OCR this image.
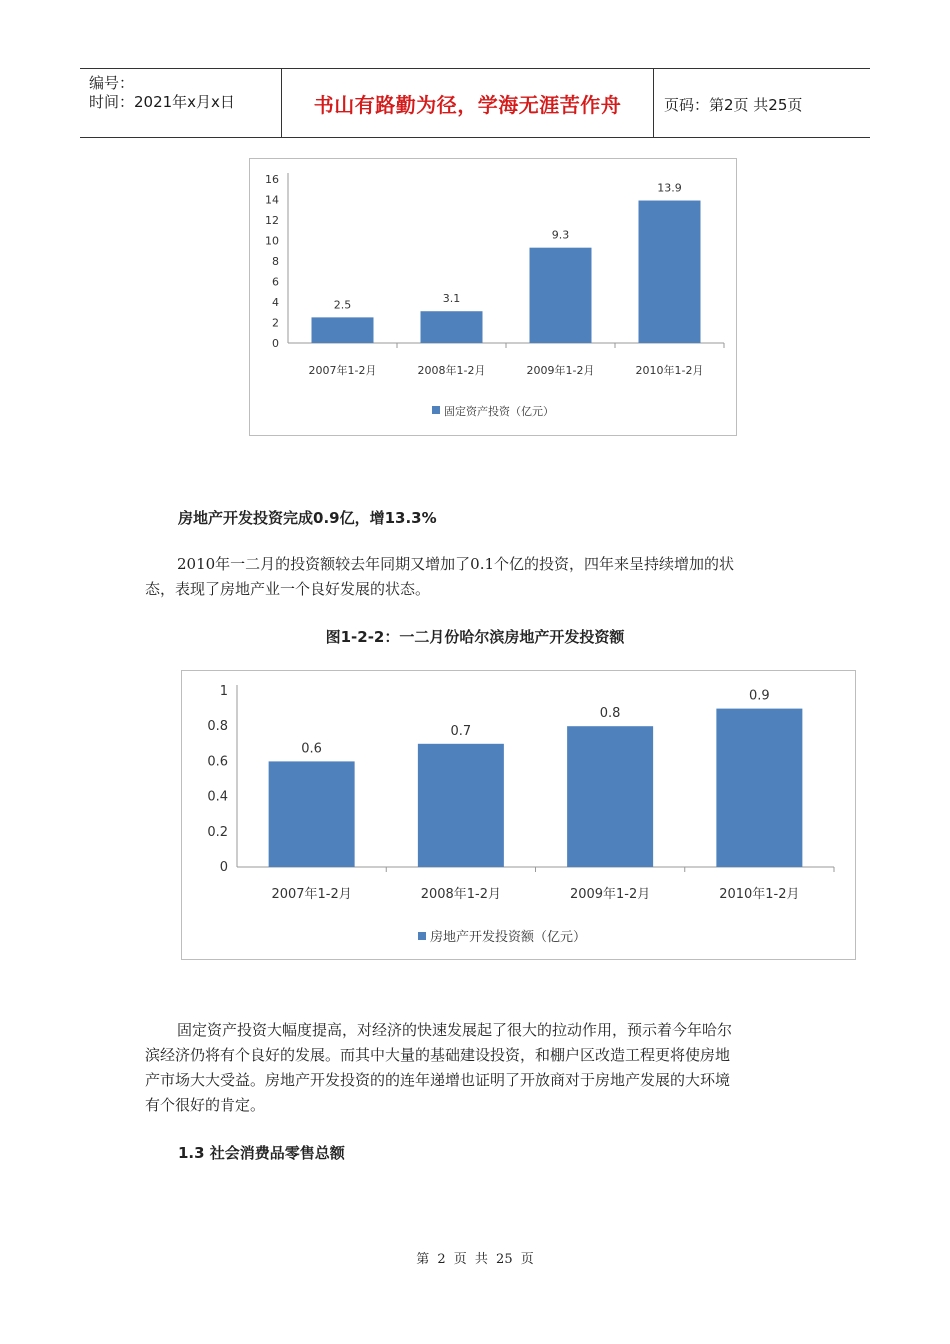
编号：
时间：2021年x月x日	书山有路勤为径，学海无涯苦作舟	页码：第2页 共25页
0
2
4
6
8
10
12
14
16
2.5
2007年1-2月
3.1
2008年1-2月
9.3
2009年1-2月
13.9
2010年1-2月
固定资产投资（亿元）
房地产开发投资完成0.9亿，增13.3%
2010年一二月的投资额较去年同期又增加了0.1个亿的投资，四年来呈持续增加的状
态，表现了房地产业一个良好发展的状态。
图1-2-2：一二月份哈尔滨房地产开发投资额
0
0.2
0.4
0.6
0.8
1
0.6
2007年1-2月
0.7
2008年1-2月
0.8
2009年1-2月
0.9
2010年1-2月
房地产开发投资额（亿元）
固定资产投资大幅度提高，对经济的快速发展起了很大的拉动作用，预示着今年哈尔
滨经济仍将有个良好的发展。而其中大量的基础建设投资，和棚户区改造工程更将使房地
产市场大大受益。房地产开发投资的的连年递增也证明了开放商对于房地产发展的大环境
有个很好的肯定。
1.3 社会消费品零售总额
第 2 页 共 25 页
